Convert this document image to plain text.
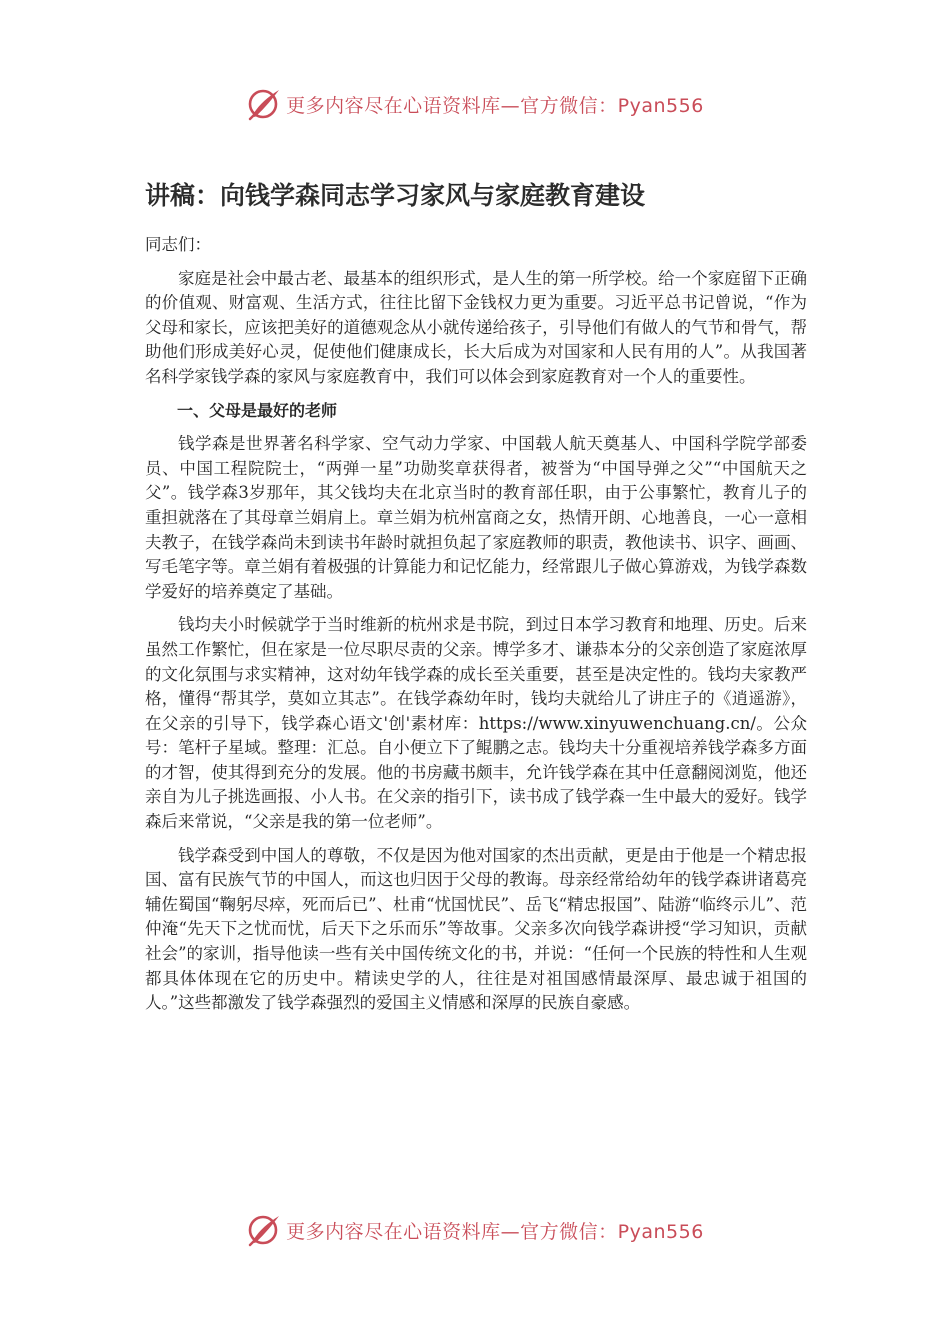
更多内容尽在心语资料库—官方微信：Pyan556
讲稿：向钱学森同志学习家风与家庭教育建设

同志们：

家庭是社会中最古老、最基本的组织形式，是人生的第一所学校。给一个家庭留下正确的价值观、财富观、生活方式，往往比留下金钱权力更为重要。习近平总书记曾说，“作为父母和家长，应该把美好的道德观念从小就传递给孩子，引导他们有做人的气节和骨气，帮助他们形成美好心灵，促使他们健康成长，长大后成为对国家和人民有用的人”。从我国著名科学家钱学森的家风与家庭教育中，我们可以体会到家庭教育对一个人的重要性。

一、父母是最好的老师

钱学森是世界著名科学家、空气动力学家、中国载人航天奠基人、中国科学院学部委员、中国工程院院士，“两弹一星”功勋奖章获得者，被誉为“中国导弹之父”“中国航天之父”。钱学森3岁那年，其父钱均夫在北京当时的教育部任职，由于公事繁忙，教育儿子的重担就落在了其母章兰娟肩上。章兰娟为杭州富商之女，热情开朗、心地善良，一心一意相夫教子，在钱学森尚未到读书年龄时就担负起了家庭教师的职责，教他读书、识字、画画、写毛笔字等。章兰娟有着极强的计算能力和记忆能力，经常跟儿子做心算游戏，为钱学森数学爱好的培养奠定了基础。

钱均夫小时候就学于当时维新的杭州求是书院，到过日本学习教育和地理、历史。后来虽然工作繁忙，但在家是一位尽职尽责的父亲。博学多才、谦恭本分的父亲创造了家庭浓厚的文化氛围与求实精神，这对幼年钱学森的成长至关重要，甚至是决定性的。钱均夫家教严格，懂得“帮其学，莫如立其志”。在钱学森幼年时，钱均夫就给儿了讲庄子的《逍遥游》，在父亲的引导下，钱学森心语文'创'素材库：https://www.xinyuwenchuang.cn/。公众号：笔杆子星域。整理：汇总。自小便立下了鲲鹏之志。钱均夫十分重视培养钱学森多方面的才智，使其得到充分的发展。他的书房藏书颇丰，允许钱学森在其中任意翻阅浏览，他还亲自为儿子挑选画报、小人书。在父亲的指引下，读书成了钱学森一生中最大的爱好。钱学森后来常说，“父亲是我的第一位老师”。

钱学森受到中国人的尊敬，不仅是因为他对国家的杰出贡献，更是由于他是一个精忠报国、富有民族气节的中国人，而这也归因于父母的教诲。母亲经常给幼年的钱学森讲诸葛亮辅佐蜀国“鞠躬尽瘁，死而后已”、杜甫“忧国忧民”、岳飞“精忠报国”、陆游“临终示儿”、范仲淹“先天下之忧而忧，后天下之乐而乐”等故事。父亲多次向钱学森讲授“学习知识，贡献社会”的家训，指导他读一些有关中国传统文化的书，并说：“任何一个民族的特性和人生观都具体体现在它的历史中。精读史学的人，往往是对祖国感情最深厚、最忠诚于祖国的人。”这些都激发了钱学森强烈的爱国主义情感和深厚的民族自豪感。

更多内容尽在心语资料库—官方微信：Pyan556
